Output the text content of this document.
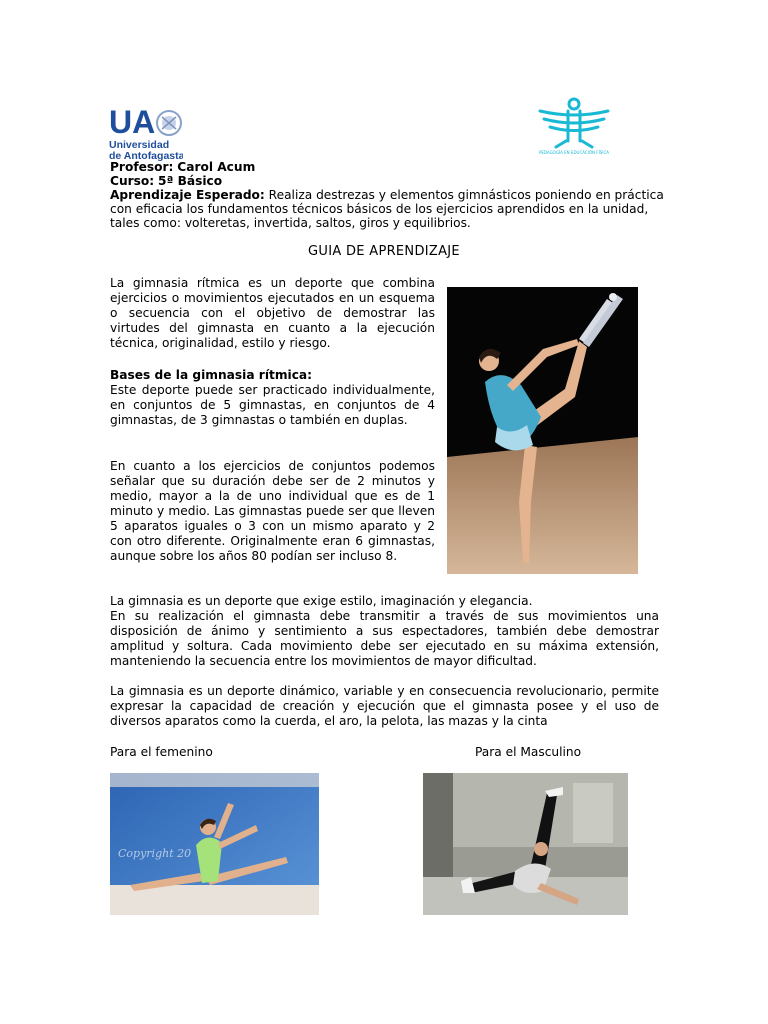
UA
Universidad
de Antofagasta	PEDAGOGÍA EN EDUCACIÓN FÍSICA
Profesor: Carol Acum
Curso: 5ª Básico
Aprendizaje Esperado: Realiza destrezas y elementos gimnásticos poniendo en práctica con eficacia los fundamentos técnicos básicos de los ejercicios aprendidos en la unidad, tales como: volteretas, invertida, saltos, giros y equilibrios.
GUIA DE APRENDIZAJE
La gimnasia rítmica es un deporte que combina ejercicios o movimientos ejecutados en un esquema o secuencia con el objetivo de demostrar las virtudes del gimnasta en cuanto a la ejecución técnica, originalidad, estilo y riesgo.
Bases de la gimnasia rítmica:
Este deporte puede ser practicado individualmente, en conjuntos de 5 gimnastas, en conjuntos de 4 gimnastas, de 3 gimnastas o también en duplas.
En cuanto a los ejercicios de conjuntos podemos señalar que su duración debe ser de 2 minutos y medio, mayor a la de uno individual que es de 1 minuto y medio. Las gimnastas puede ser que lleven 5 aparatos iguales o 3 con un mismo aparato y 2 con otro diferente. Originalmente eran 6 gimnastas, aunque sobre los años 80 podían ser incluso 8.
La gimnasia es un deporte que exige estilo, imaginación y elegancia.
En su realización el gimnasta debe transmitir a través de sus movimientos una disposición de ánimo y sentimiento a sus espectadores, también debe demostrar amplitud y soltura. Cada movimiento debe ser ejecutado en su máxima extensión, manteniendo la secuencia entre los movimientos de mayor dificultad.
La gimnasia es un deporte dinámico, variable y en consecuencia revolucionario, permite expresar la capacidad de creación y ejecución que el gimnasta posee y el uso de diversos aparatos como la cuerda, el aro, la pelota, las mazas y la cinta
Para el femenino	Para el Masculino
Copyright 20
